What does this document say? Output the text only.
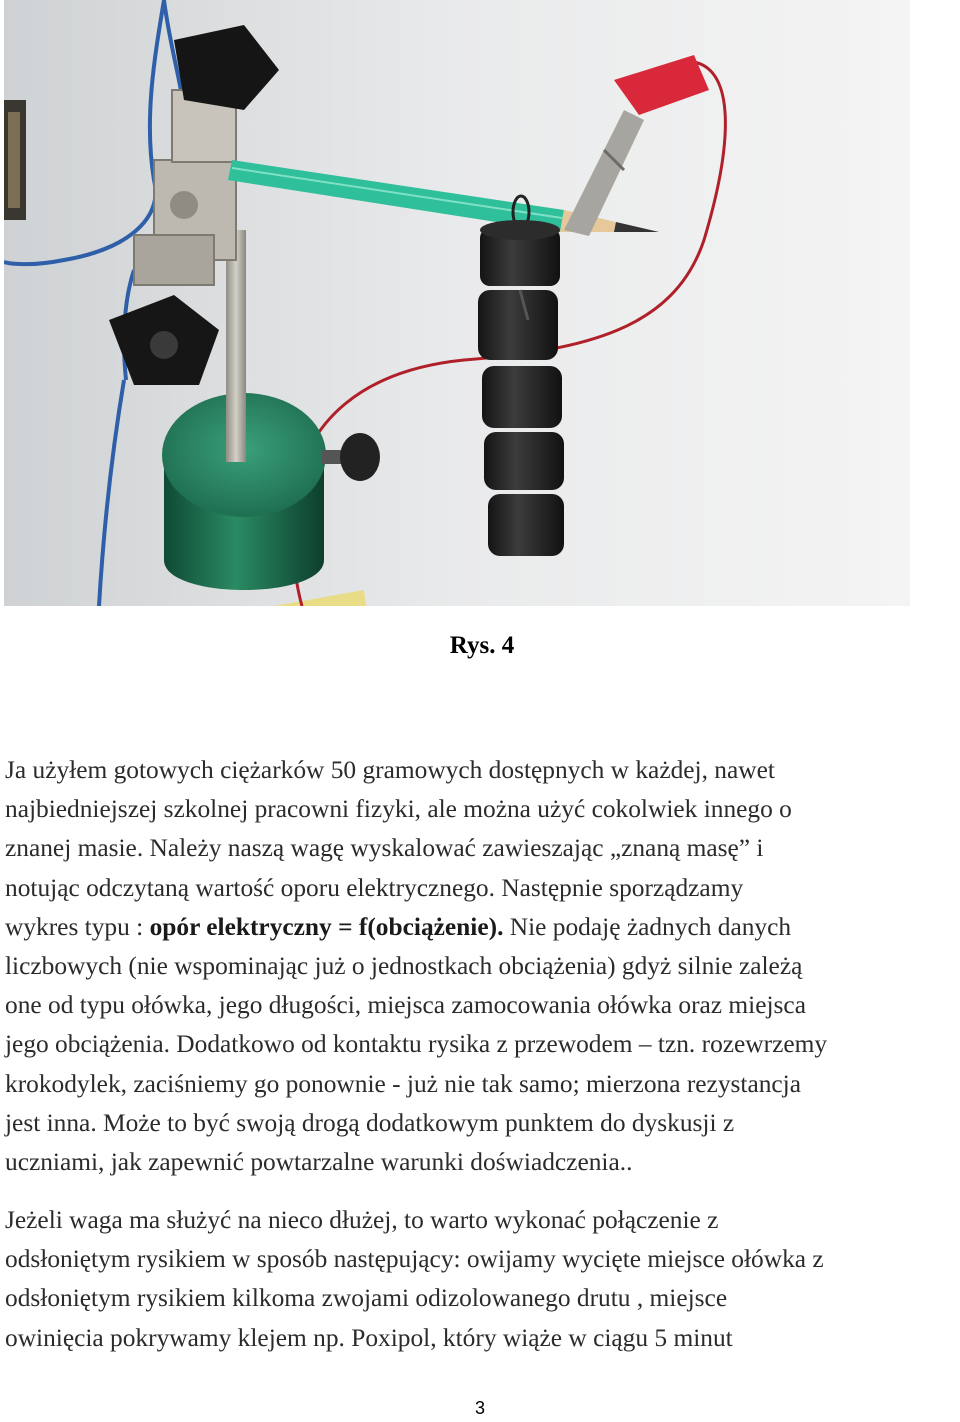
Rys. 4

Ja użyłem gotowych ciężarków 50 gramowych dostępnych w każdej, nawet
najbiedniejszej szkolnej pracowni fizyki, ale można użyć cokolwiek innego o
znanej masie. Należy naszą wagę wyskalować zawieszając „znaną masę” i
notując odczytaną wartość oporu elektrycznego. Następnie sporządzamy
wykres typu : opór elektryczny = f(obciążenie). Nie podaję żadnych danych
liczbowych (nie wspominając już o jednostkach obciążenia) gdyż silnie zależą
one od typu ołówka, jego długości, miejsca zamocowania ołówka oraz miejsca
jego obciążenia. Dodatkowo od kontaktu rysika z przewodem – tzn. rozewrzemy
krokodylek, zaciśniemy go ponownie - już nie tak samo; mierzona rezystancja
jest inna. Może to być swoją drogą dodatkowym punktem do dyskusji z
uczniami, jak zapewnić powtarzalne warunki doświadczenia..

Jeżeli waga ma służyć na nieco dłużej, to warto wykonać połączenie z
odsłoniętym rysikiem w sposób następujący: owijamy wycięte miejsce ołówka z
odsłoniętym rysikiem kilkoma zwojami odizolowanego drutu , miejsce
owinięcia pokrywamy klejem np. Poxipol, który wiąże w ciągu 5 minut

3
